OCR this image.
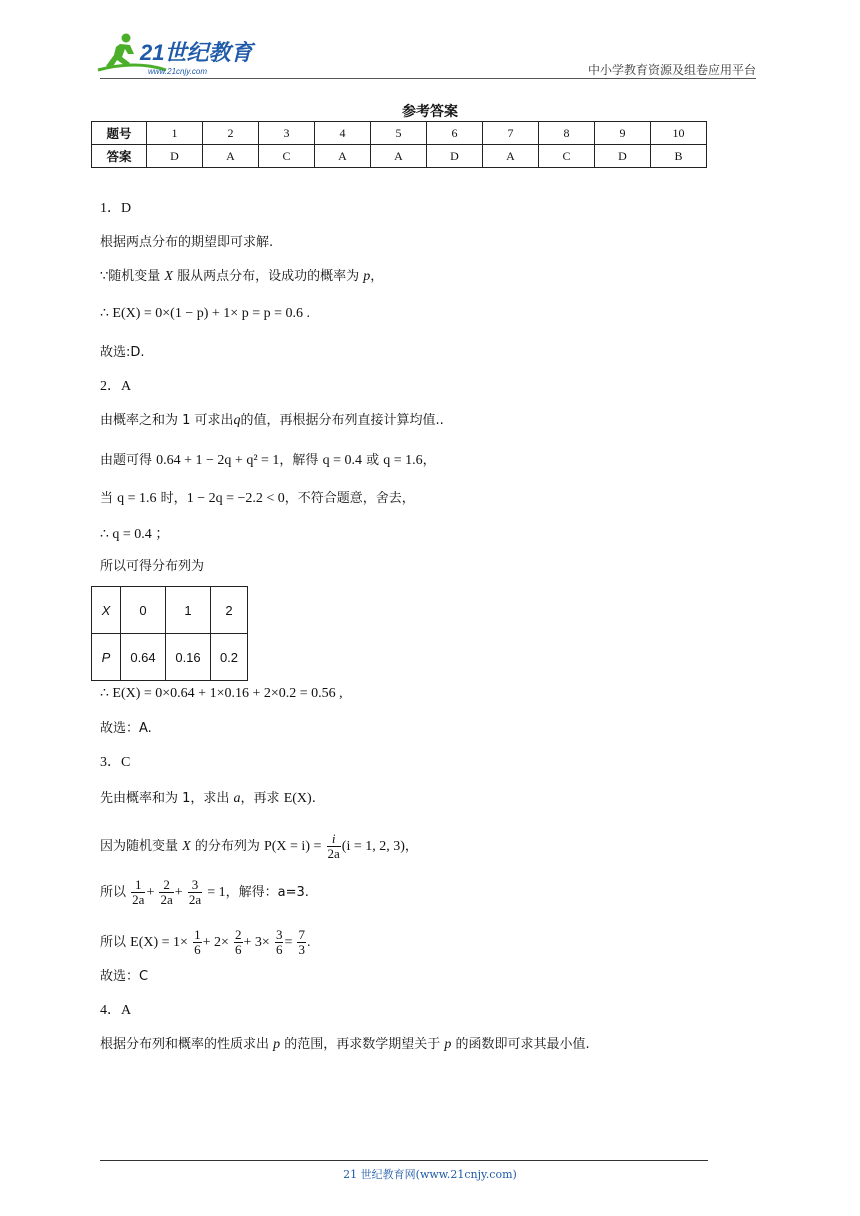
21世纪教育
www.21cnjy.com	中小学教育资源及组卷应用平台
参考答案
题号	1	2	3	4	5	6	7	8	9	10
答案	D	A	C	A	A	D	A	C	D	B
1．D
根据两点分布的期望即可求解.
∵随机变量 X 服从两点分布，设成功的概率为 p，
∴ E(X) = 0×(1 − p) + 1× p = p = 0.6 .
故选:D.
2．A
由概率之和为 1 可求出q的值，再根据分布列直接计算均值..
由题可得 0.64 + 1 − 2q + q² = 1，解得 q = 0.4 或 q = 1.6，
当 q = 1.6 时，1 − 2q = −2.2 < 0，不符合题意，舍去，
∴ q = 0.4 ；
所以可得分布列为
X	0	1	2
P	0.64	0.16	0.2
∴ E(X) = 0×0.64 + 1×0.16 + 2×0.2 = 0.56 ,
故选：A.
3．C
先由概率和为 1，求出 a，再求 E(X).
因为随机变量 X 的分布列为 $P(X = i) = \frac{i}{2a} (i = 1$, 2, 3)，
所以 $\frac{1}{2a} + \frac{2}{2a} + \frac{3}{2a} = 1$，解得：a=3.
所以 $E(X) = 1\times \frac{1}{6} + 2\times \frac{2}{6} + 3\times \frac{3}{6} = \frac{7}{3}$ .
故选：C
4．A
根据分布列和概率的性质求出 p 的范围，再求数学期望关于 p 的函数即可求其最小值.
21 世纪教育网(www.21cnjy.com)
